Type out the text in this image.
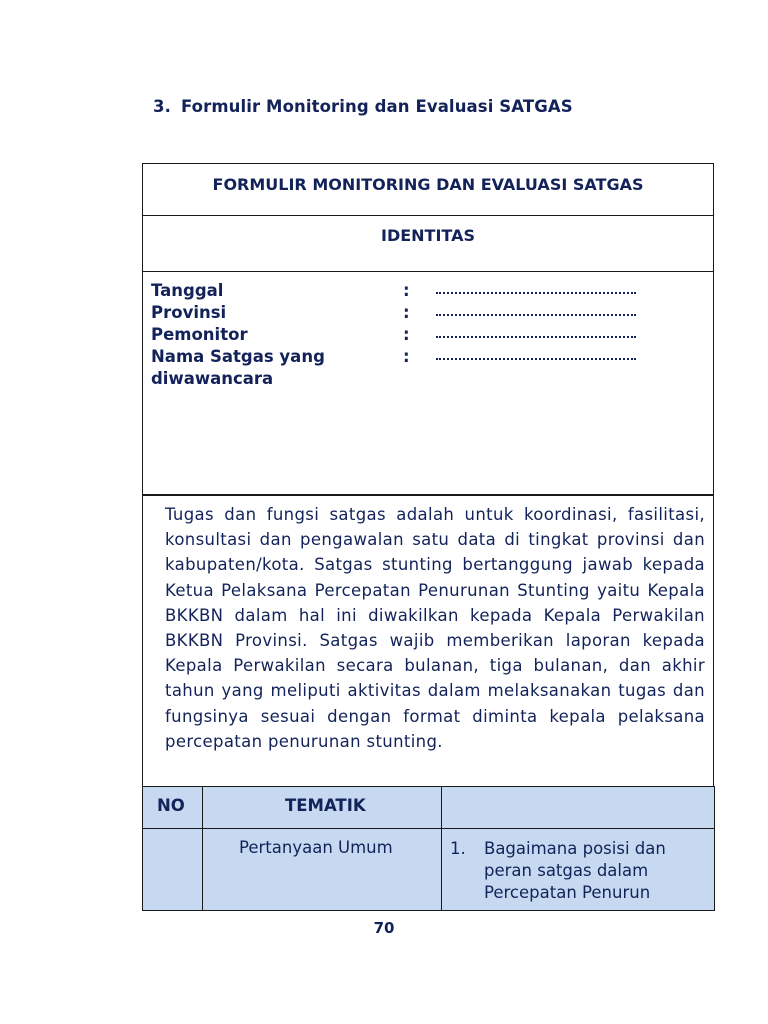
3. Formulir Monitoring dan Evaluasi SATGAS
FORMULIR MONITORING DAN EVALUASI SATGAS
IDENTITAS
Tanggal	:
Provinsi	:
Pemonitor	:
Nama Satgas yang	:
diwawancara
Tugas dan fungsi satgas adalah untuk koordinasi, fasilitasi, konsultasi dan pengawalan satu data di tingkat provinsi dan kabupaten/kota. Satgas stunting bertanggung jawab kepada Ketua Pelaksana Percepatan Penurunan Stunting yaitu Kepala BKKBN dalam hal ini diwakilkan kepada Kepala Perwakilan BKKBN Provinsi. Satgas wajib memberikan laporan kepada Kepala Perwakilan secara bulanan, tiga bulanan, dan akhir tahun yang meliputi aktivitas dalam melaksanakan tugas dan fungsinya sesuai dengan format diminta kepala pelaksana percepatan penurunan stunting.
NO	TEMATIK	
	Pertanyaan Umum	1. Bagaimana posisi dan peran satgas dalam Percepatan Penurun
70
